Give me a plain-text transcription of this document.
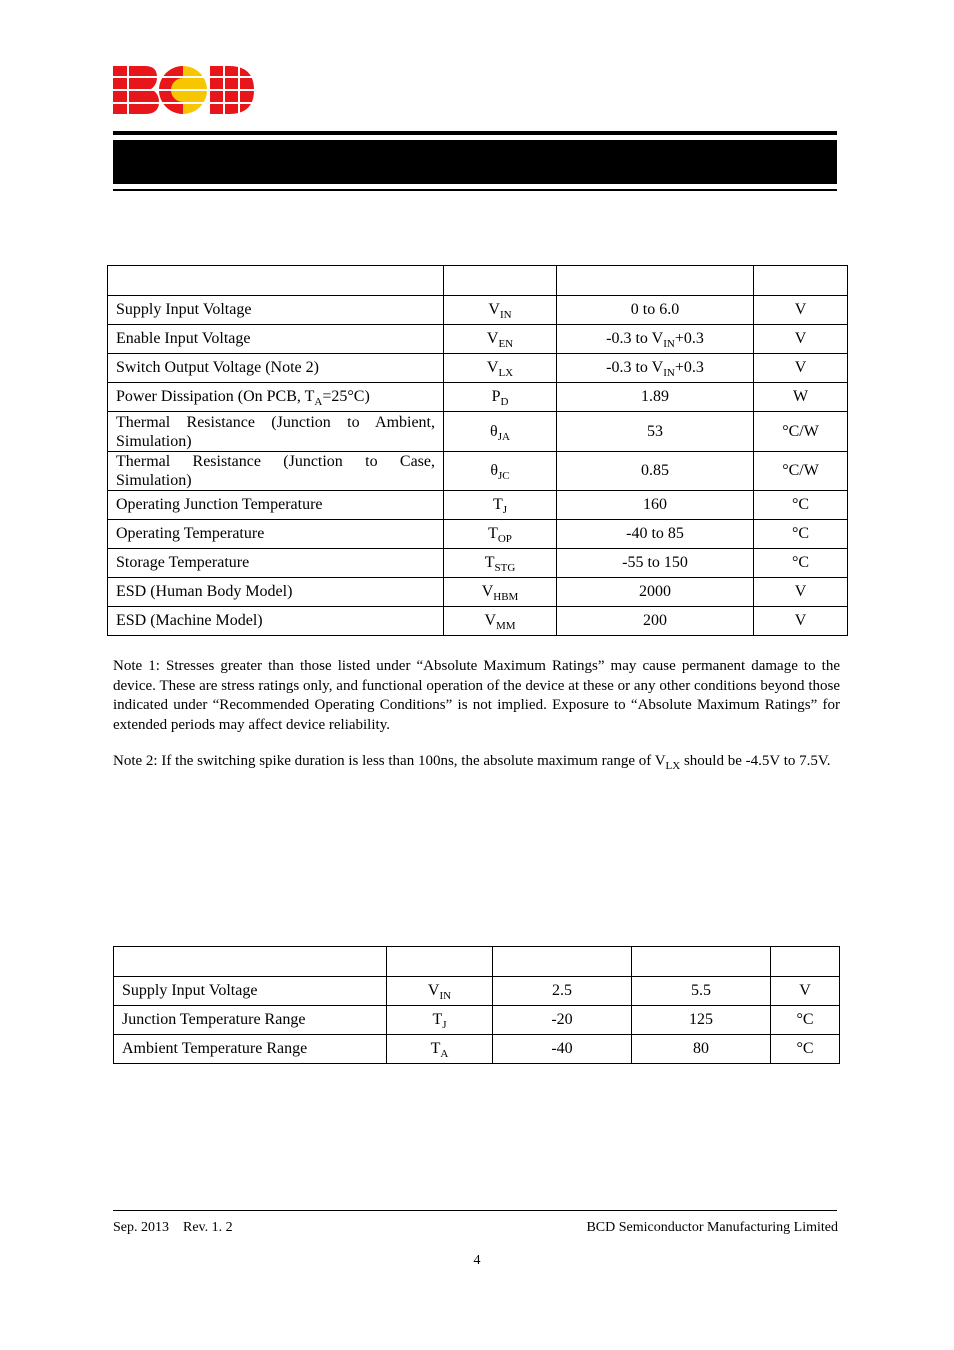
Supply Input Voltage	$V_{IN}$	0 to 6.0	V
Enable Input Voltage	$V_{EN}$	-0.3 to $V_{IN}+0.3$	V
Switch Output Voltage (Note 2)	$V_{LX}$	-0.3 to $V_{IN}+0.3$	V
Power Dissipation (On PCB, $T_A=25^\circ C$)	$P_D$	1.89	W
Thermal Resistance (Junction to Ambient, Simulation)	$\theta_{JA}$	53	°C/W
Thermal Resistance (Junction to Case, Simulation)	$\theta_{JC}$	0.85	°C/W
Operating Junction Temperature	$T_J$	160	°C
Operating Temperature	$T_{OP}$	-40 to 85	°C
Storage Temperature	$T_{STG}$	-55 to 150	°C
ESD (Human Body Model)	$V_{HBM}$	2000	V
ESD (Machine Model)	$V_{MM}$	200	V

Note 1: Stresses greater than those listed under “Absolute Maximum Ratings” may cause permanent damage to the device. These are stress ratings only, and functional operation of the device at these or any other conditions beyond those indicated under “Recommended Operating Conditions” is not implied. Exposure to “Absolute Maximum Ratings” for extended periods may affect device reliability.

Note 2: If the switching spike duration is less than 100ns, the absolute maximum range of $V_{LX}$ should be -4.5V to 7.5V.

Supply Input Voltage	$V_{IN}$	2.5	5.5	V
Junction Temperature Range	$T_J$	-20	125	°C
Ambient Temperature Range	$T_A$	-40	80	°C
Sep. 2013 Rev. 1. 2	BCD Semiconductor Manufacturing Limited
4
